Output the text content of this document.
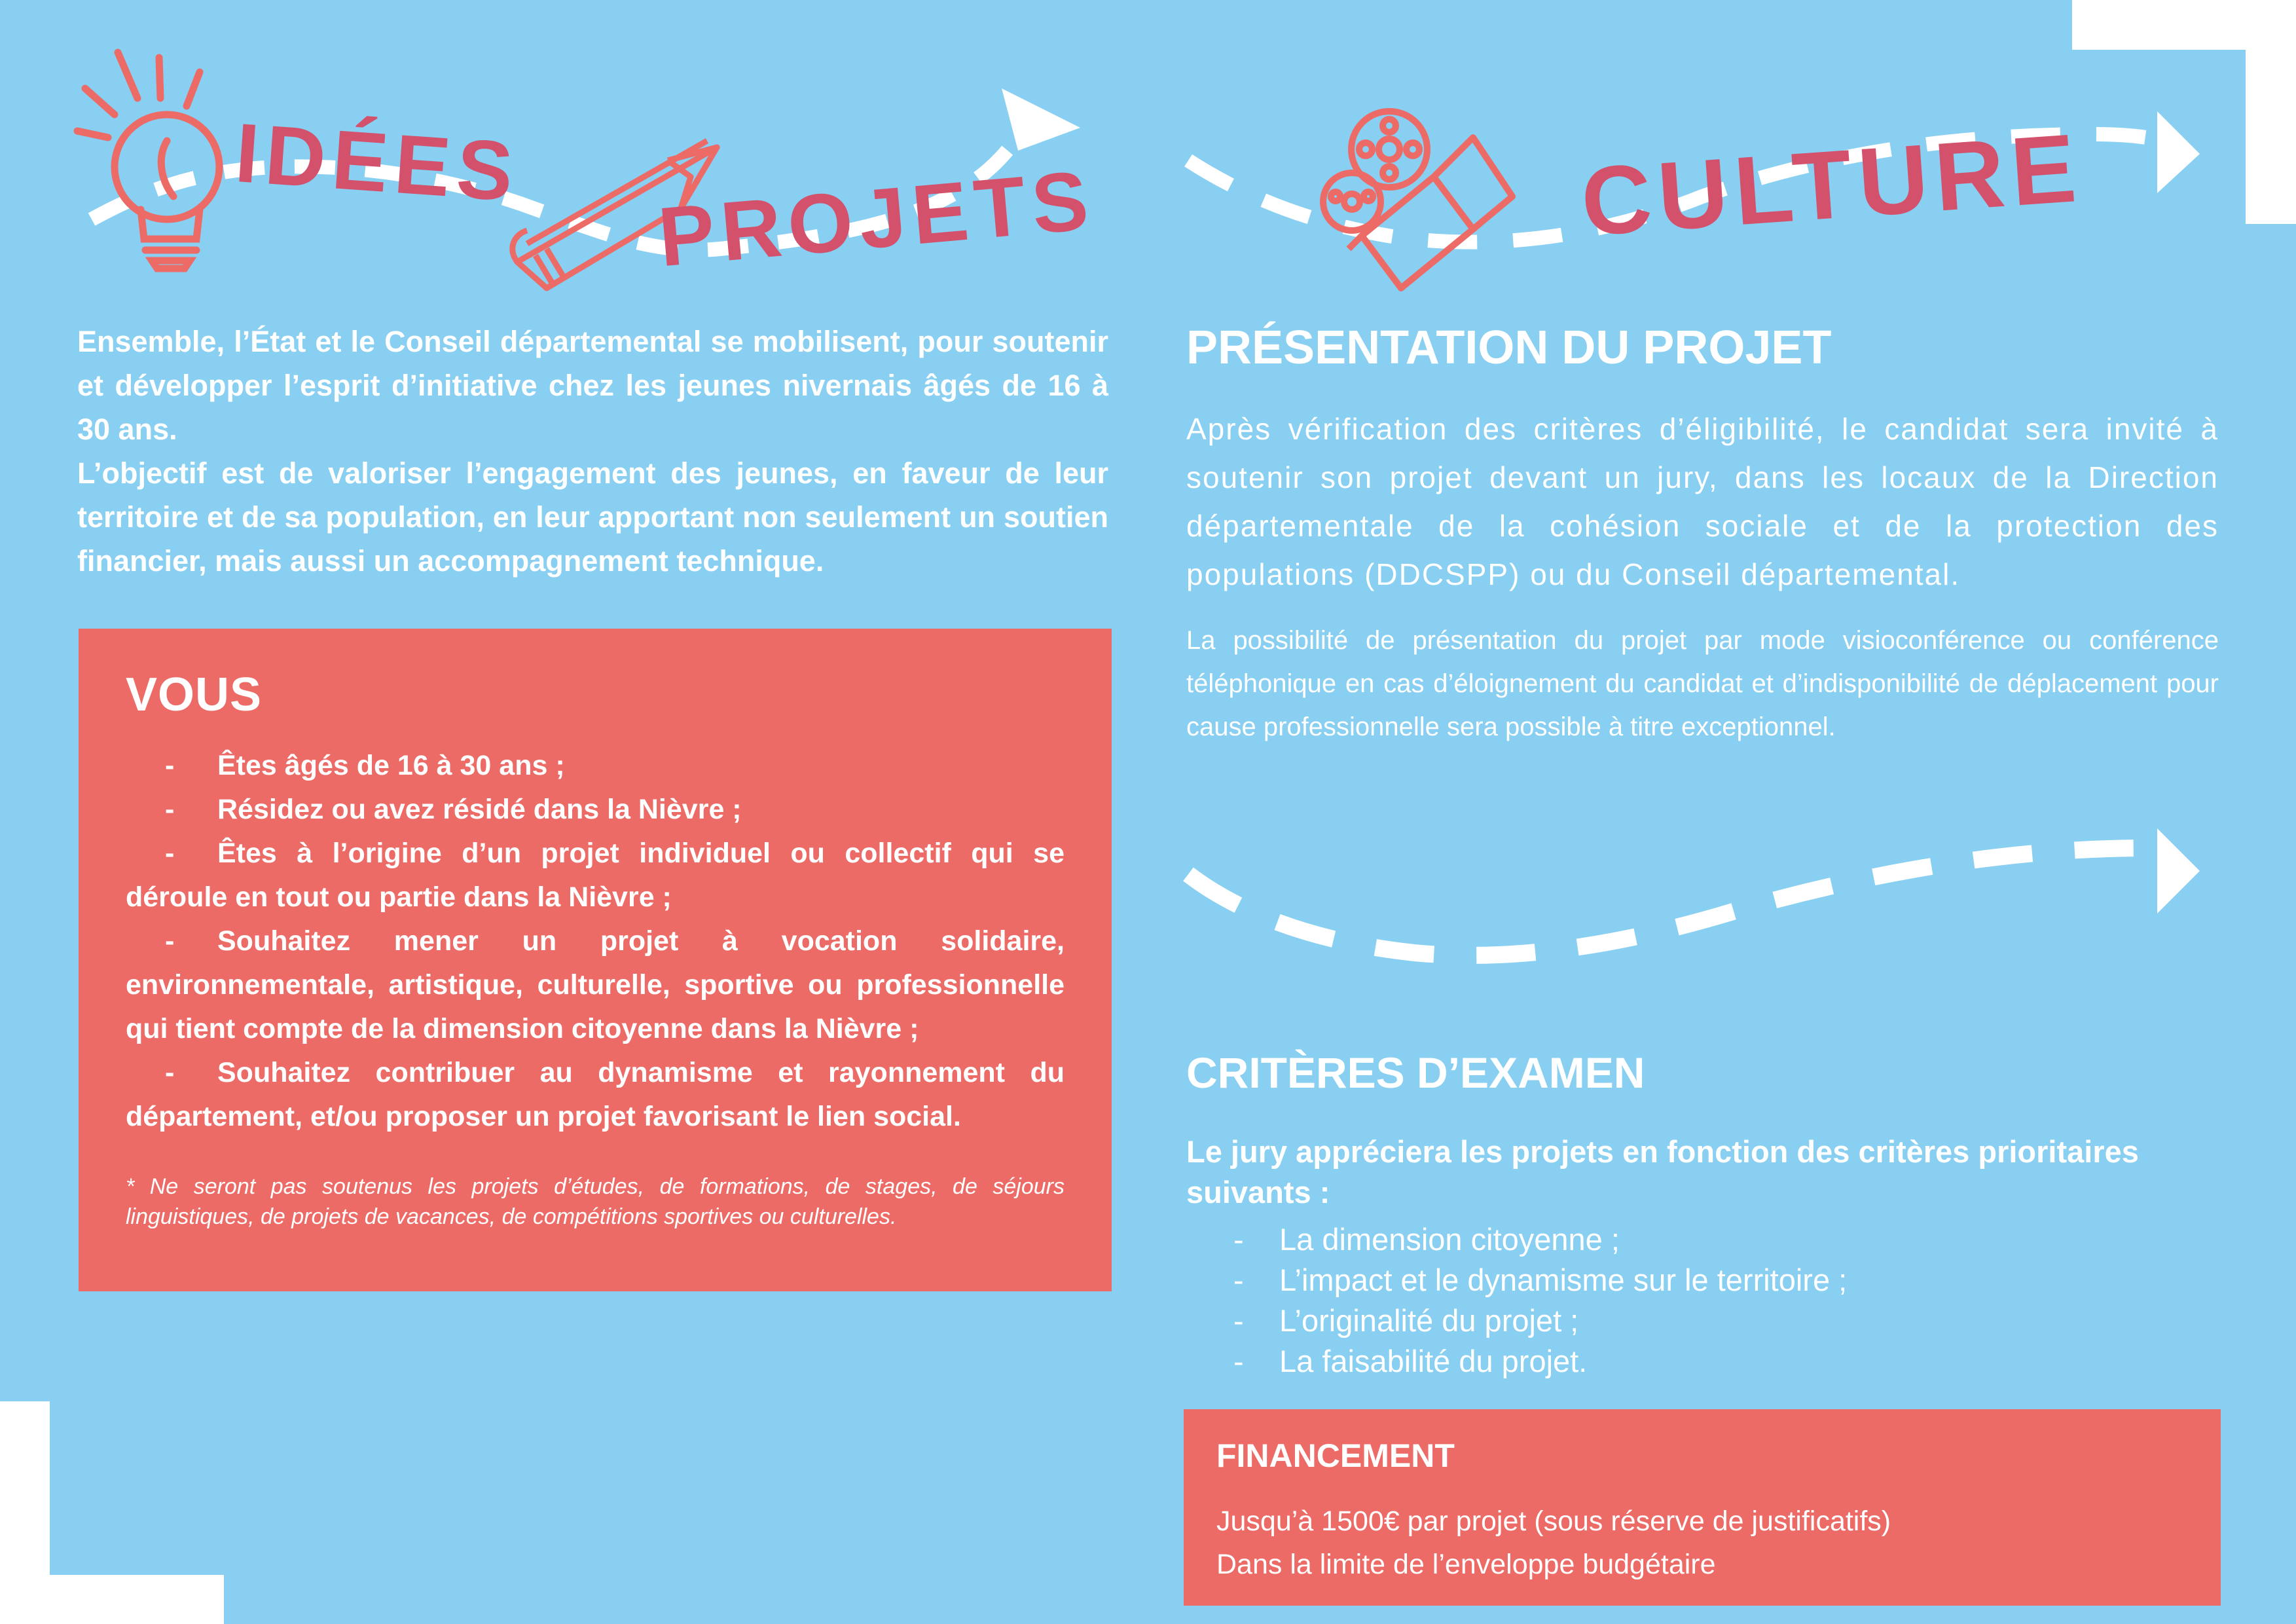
IDÉES PROJETS	CULTURE

Ensemble, l’État et le Conseil départemental se mobilisent, pour soutenir et développer l’esprit d’initiative chez les jeunes nivernais âgés de 16 à 30 ans.

L’objectif est de valoriser l’engagement des jeunes, en faveur de leur territoire et de sa population, en leur apportant non seulement un soutien financier, mais aussi un accompagnement technique.

VOUS
- Êtes âgés de 16 à 30 ans ;
- Résidez ou avez résidé dans la Nièvre ;
- Êtes à l’origine d’un projet individuel ou collectif qui se déroule en tout ou partie dans la Nièvre ;
- Souhaitez mener un projet à vocation solidaire, environnementale, artistique, culturelle, sportive ou professionnelle qui tient compte de la dimension citoyenne dans la Nièvre ;
- Souhaitez contribuer au dynamisme et rayonnement du département, et/ou proposer un projet favorisant le lien social.

* Ne seront pas soutenus les projets d’études, de formations, de stages, de séjours linguistiques, de projets de vacances, de compétitions sportives ou culturelles.

PRÉSENTATION DU PROJET

Après vérification des critères d’éligibilité, le candidat sera invité à soutenir son projet devant un jury, dans les locaux de la Direction départementale de la cohésion sociale et de la protection des populations (DDCSPP) ou du Conseil départemental.

La possibilité de présentation du projet par mode visioconférence ou conférence téléphonique en cas d’éloignement du candidat et d’indisponibilité de déplacement pour cause professionnelle sera possible à titre exceptionnel.

CRITÈRES D’EXAMEN

Le jury appréciera les projets en fonction des critères prioritaires suivants :

- La dimension citoyenne ;
- L’impact et le dynamisme sur le territoire ;
- L’originalité du projet ;
- La faisabilité du projet.
FINANCEMENT

Jusqu’à 1500€ par projet (sous réserve de justificatifs)

Dans la limite de l’enveloppe budgétaire
